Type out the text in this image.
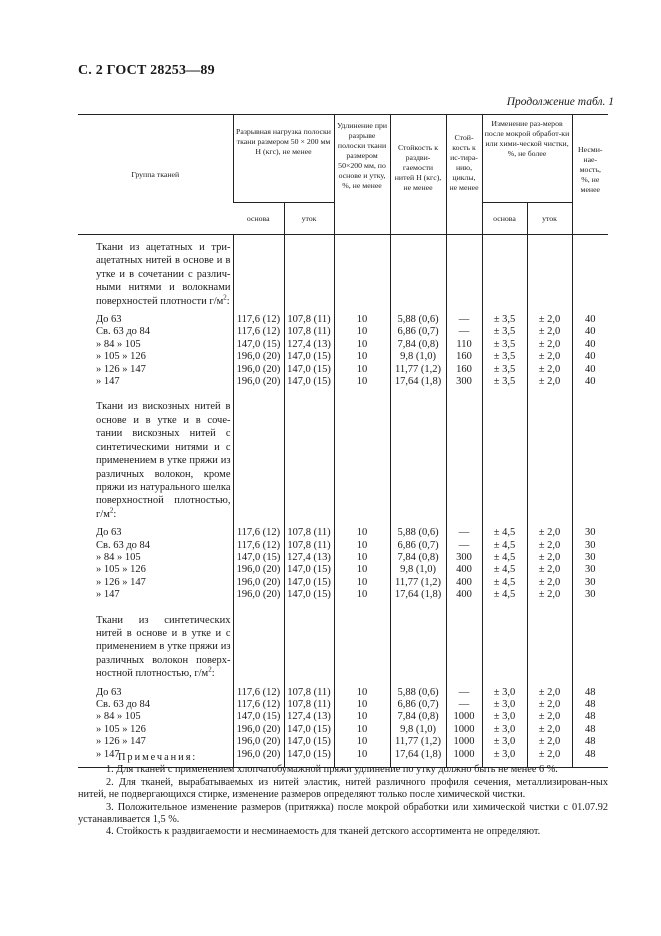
С. 2 ГОСТ 28253—89
Продолжение табл. 1
Группа тканей	Разрывная нагрузка полоски ткани размером 50 × 200 мм Н (кгс), не менее		Удлинение при разрыве полоски ткани размером 50×200 мм, по основе и утку, %, не менее	Стойкость к раздви-гаемости нитей Н (кгс), не менее	Стой-кость к ис-тира-нию, циклы, не менее	Изменение раз-меров после мокрой обработ-ки или хими-ческой чистки, %, не более		Несми-нае-мость, %, не менее
	основа	уток				основа	уток	
Ткани из ацетатных и три-ацетатных нитей в основе и в утке и в сочетании с различ-ными нитями и волокнами поверхностей плотности $г/м^2$:								
До 63	117,6 (12)	107,8 (11)	10	5,88 (0,6)	—	± 3,5	± 2,0	40
Св. 63 до 84	117,6 (12)	107,8 (11)	10	6,86 (0,7)	—	± 3,5	± 2,0	40
» 84 » 105	147,0 (15)	127,4 (13)	10	7,84 (0,8)	110	± 3,5	± 2,0	40
» 105 » 126	196,0 (20)	147,0 (15)	10	9,8 (1,0)	160	± 3,5	± 2,0	40
» 126 » 147	196,0 (20)	147,0 (15)	10	11,77 (1,2)	160	± 3,5	± 2,0	40
» 147	196,0 (20)	147,0 (15)	10	17,64 (1,8)	300	± 3,5	± 2,0	40

Ткани из вискозных нитей в основе и в утке и в соче-тании вискозных нитей с синтетическими нитями и с применением в утке пряжи из различных волокон, кроме пряжи из натурального шелка поверхностной плотностью, $г/м^2$:								
До 63	117,6 (12)	107,8 (11)	10	5,88 (0,6)	—	± 4,5	± 2,0	30
Св. 63 до 84	117,6 (12)	107,8 (11)	10	6,86 (0,7)	—	± 4,5	± 2,0	30
» 84 » 105	147,0 (15)	127,4 (13)	10	7,84 (0,8)	300	± 4,5	± 2,0	30
» 105 » 126	196,0 (20)	147,0 (15)	10	9,8 (1,0)	400	± 4,5	± 2,0	30
» 126 » 147	196,0 (20)	147,0 (15)	10	11,77 (1,2)	400	± 4,5	± 2,0	30
» 147	196,0 (20)	147,0 (15)	10	17,64 (1,8)	400	± 4,5	± 2,0	30

Ткани из синтетических нитей в основе и в утке и с применением в утке пряжи из различных волокон поверх-ностной плотностью, $г/м^2$:								
До 63	117,6 (12)	107,8 (11)	10	5,88 (0,6)	—	± 3,0	± 2,0	48
Св. 63 до 84	117,6 (12)	107,8 (11)	10	6,86 (0,7)	—	± 3,0	± 2,0	48
» 84 » 105	147,0 (15)	127,4 (13)	10	7,84 (0,8)	1000	± 3,0	± 2,0	48
» 105 » 126	196,0 (20)	147,0 (15)	10	9,8 (1,0)	1000	± 3,0	± 2,0	48
» 126 » 147	196,0 (20)	147,0 (15)	10	11,77 (1,2)	1000	± 3,0	± 2,0	48
» 147	196,0 (20)	147,0 (15)	10	17,64 (1,8)	1000	± 3,0	± 2,0	48

Примечания:

1. Для тканей с применением хлопчатобумажной пряжи удлинение по утку должно быть не менее 6 %.

2. Для тканей, вырабатываемых из нитей эластик, нитей различного профиля сечения, металлизирован-ных нитей, не подвергающихся стирке, изменение размеров определяют только после химической чистки.

3. Положительное изменение размеров (притяжка) после мокрой обработки или химической чистки с 01.07.92 устанавливается 1,5 %.

4. Стойкость к раздвигаемости и несминаемость для тканей детского ассортимента не определяют.
